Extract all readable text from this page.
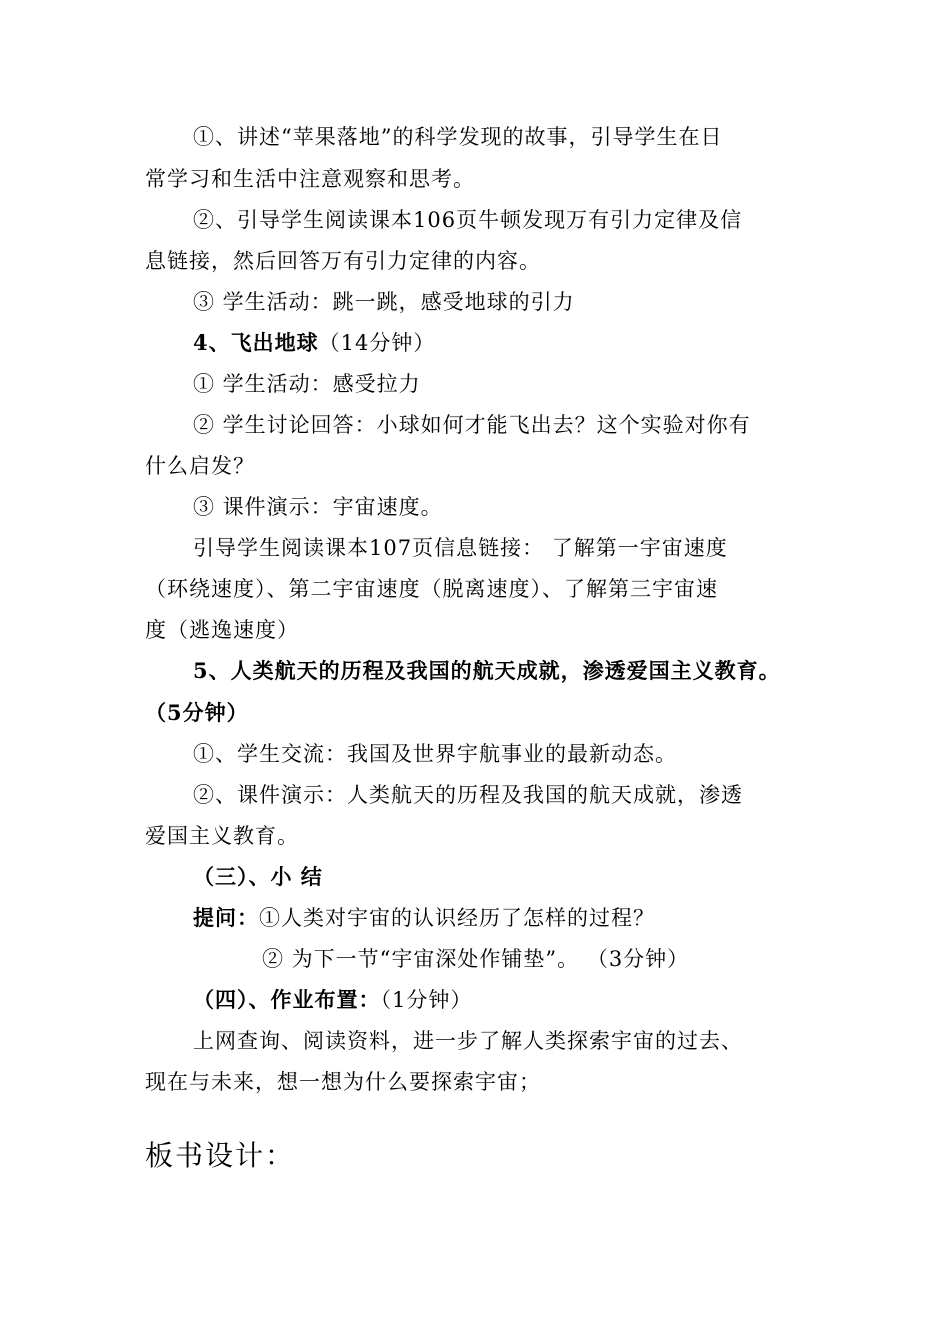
①、讲述“苹果落地”的科学发现的故事，引导学生在日
常学习和生活中注意观察和思考。
②、引导学生阅读课本106页牛顿发现万有引力定律及信
息链接，然后回答万有引力定律的内容。
③ 学生活动：跳一跳，感受地球的引力
4、飞出地球（14分钟）
① 学生活动：感受拉力
② 学生讨论回答：小球如何才能飞出去？这个实验对你有
什么启发？
③ 课件演示：宇宙速度。
引导学生阅读课本107页信息链接： 了解第一宇宙速度
（环绕速度）、第二宇宙速度（脱离速度）、了解第三宇宙速
度（逃逸速度）
5、人类航天的历程及我国的航天成就，渗透爱国主义教育。
（5分钟）
①、学生交流：我国及世界宇航事业的最新动态。
②、课件演示：人类航天的历程及我国的航天成就，渗透
爱国主义教育。
（三）、小 结
提问：①人类对宇宙的认识经历了怎样的过程？
② 为下一节“宇宙深处作铺垫”。 （3分钟）
（四）、作业布置：（1分钟）
上网查询、阅读资料，进一步了解人类探索宇宙的过去、
现在与未来，想一想为什么要探索宇宙；
板书设计：
